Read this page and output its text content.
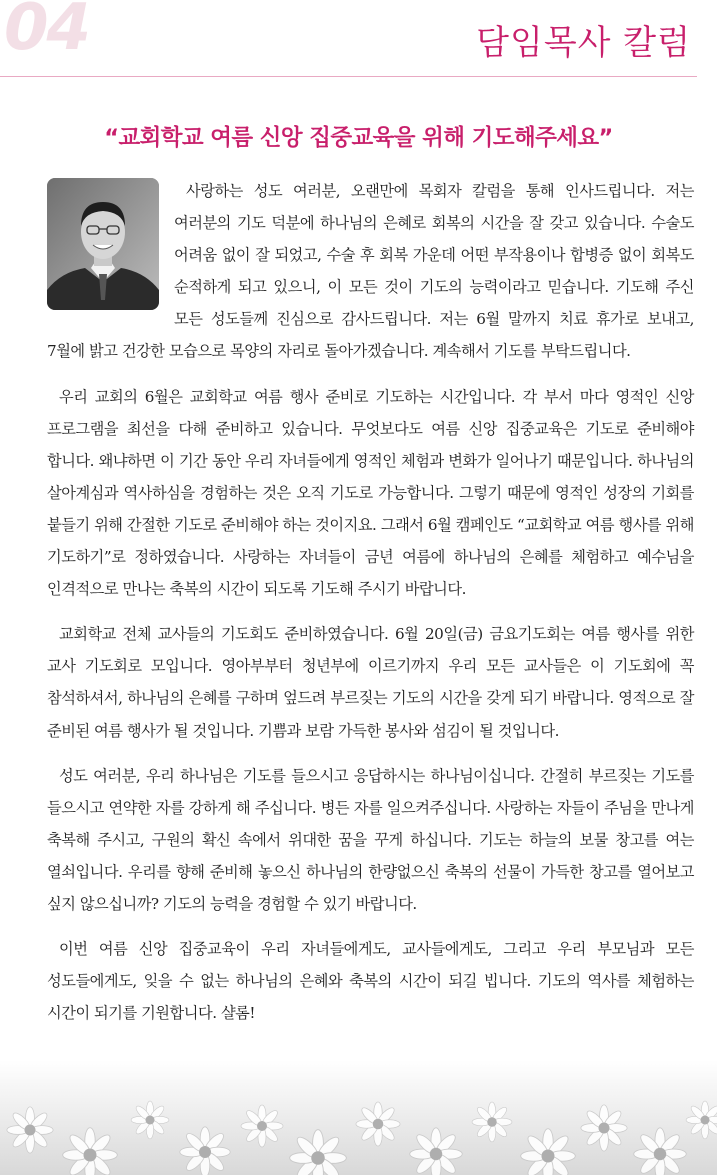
04	담임목사 칼럼
“교회학교 여름 신앙 집중교육을 위해 기도해주세요”

사랑하는 성도 여러분, 오랜만에 목회자 칼럼을 통해 인사드립니다. 저는 여러분의 기도 덕분에 하나님의 은혜로 회복의 시간을 잘 갖고 있습니다. 수술도 어려움 없이 잘 되었고, 수술 후 회복 가운데 어떤 부작용이나 합병증 없이 회복도 순적하게 되고 있으니, 이 모든 것이 기도의 능력이라고 믿습니다. 기도해 주신 모든 성도들께 진심으로 감사드립니다. 저는 6월 말까지 치료 휴가로 보내고, 7월에 밝고 건강한 모습으로 목양의 자리로 돌아가겠습니다. 계속해서 기도를 부탁드립니다.

우리 교회의 6월은 교회학교 여름 행사 준비로 기도하는 시간입니다. 각 부서 마다 영적인 신앙 프로그램을 최선을 다해 준비하고 있습니다. 무엇보다도 여름 신앙 집중교육은 기도로 준비해야 합니다. 왜냐하면 이 기간 동안 우리 자녀들에게 영적인 체험과 변화가 일어나기 때문입니다. 하나님의 살아계심과 역사하심을 경험하는 것은 오직 기도로 가능합니다. 그렇기 때문에 영적인 성장의 기회를 붙들기 위해 간절한 기도로 준비해야 하는 것이지요. 그래서 6월 캠페인도 “교회학교 여름 행사를 위해 기도하기”로 정하였습니다. 사랑하는 자녀들이 금년 여름에 하나님의 은혜를 체험하고 예수님을 인격적으로 만나는 축복의 시간이 되도록 기도해 주시기 바랍니다.

교회학교 전체 교사들의 기도회도 준비하였습니다. 6월 20일(금) 금요기도회는 여름 행사를 위한 교사 기도회로 모입니다. 영아부부터 청년부에 이르기까지 우리 모든 교사들은 이 기도회에 꼭 참석하셔서, 하나님의 은혜를 구하며 엎드려 부르짖는 기도의 시간을 갖게 되기 바랍니다. 영적으로 잘 준비된 여름 행사가 될 것입니다. 기쁨과 보람 가득한 봉사와 섬김이 될 것입니다.

성도 여러분, 우리 하나님은 기도를 들으시고 응답하시는 하나님이십니다. 간절히 부르짖는 기도를 들으시고 연약한 자를 강하게 해 주십니다. 병든 자를 일으켜주십니다. 사랑하는 자들이 주님을 만나게 축복해 주시고, 구원의 확신 속에서 위대한 꿈을 꾸게 하십니다. 기도는 하늘의 보물 창고를 여는 열쇠입니다. 우리를 향해 준비해 놓으신 하나님의 한량없으신 축복의 선물이 가득한 창고를 열어보고 싶지 않으십니까? 기도의 능력을 경험할 수 있기 바랍니다.

이번 여름 신앙 집중교육이 우리 자녀들에게도, 교사들에게도, 그리고 우리 부모님과 모든 성도들에게도, 잊을 수 없는 하나님의 은혜와 축복의 시간이 되길 빕니다. 기도의 역사를 체험하는 시간이 되기를 기원합니다. 샬롬!
